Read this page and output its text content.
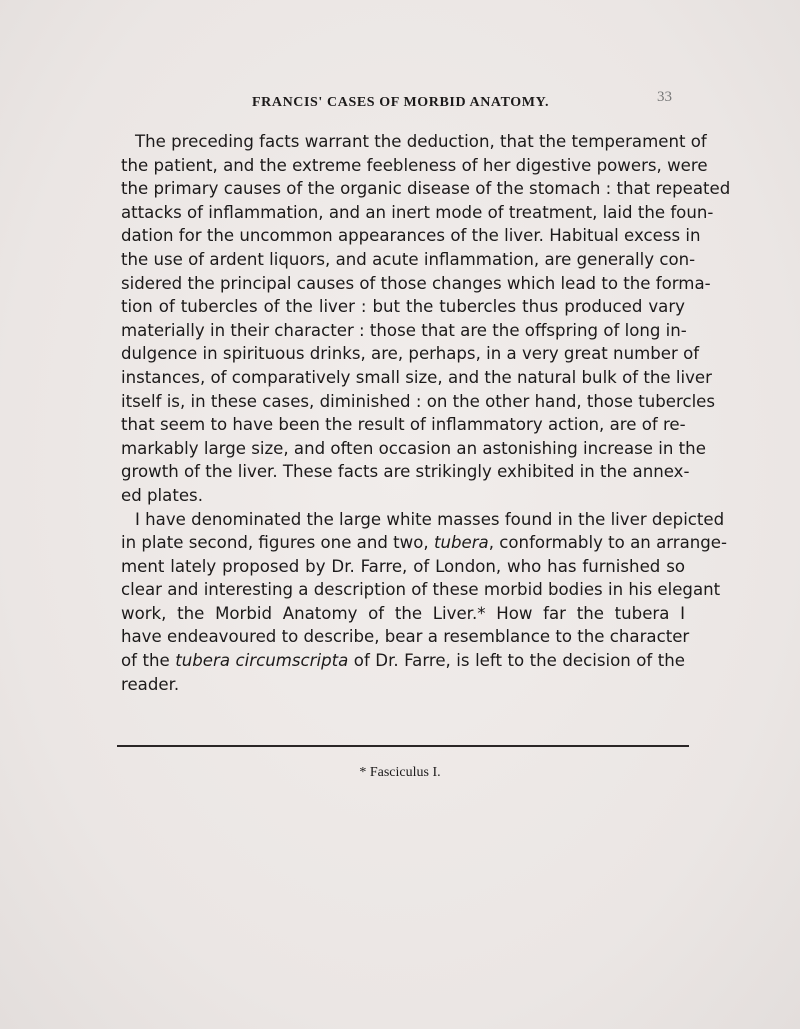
FRANCIS' CASES OF MORBID ANATOMY.	33
The preceding facts warrant the deduction, that the temperament of
the patient, and the extreme feebleness of her digestive powers, were
the primary causes of the organic disease of the stomach : that repeated
attacks of inflammation, and an inert mode of treatment, laid the foun-
dation for the uncommon appearances of the liver. Habitual excess in
the use of ardent liquors, and acute inflammation, are generally con-
sidered the principal causes of those changes which lead to the forma-
tion of tubercles of the liver : but the tubercles thus produced vary
materially in their character : those that are the offspring of long in-
dulgence in spirituous drinks, are, perhaps, in a very great number of
instances, of comparatively small size, and the natural bulk of the liver
itself is, in these cases, diminished : on the other hand, those tubercles
that seem to have been the result of inflammatory action, are of re-
markably large size, and often occasion an astonishing increase in the
growth of the liver. These facts are strikingly exhibited in the annex-
ed plates.
I have denominated the large white masses found in the liver depicted
in plate second, figures one and two, tubera, conformably to an arrange-
ment lately proposed by Dr. Farre, of London, who has furnished so
clear and interesting a description of these morbid bodies in his elegant
work, the Morbid Anatomy of the Liver.* How far the tubera I
have endeavoured to describe, bear a resemblance to the character
of the tubera circumscripta of Dr. Farre, is left to the decision of the
reader.
* Fasciculus I.
